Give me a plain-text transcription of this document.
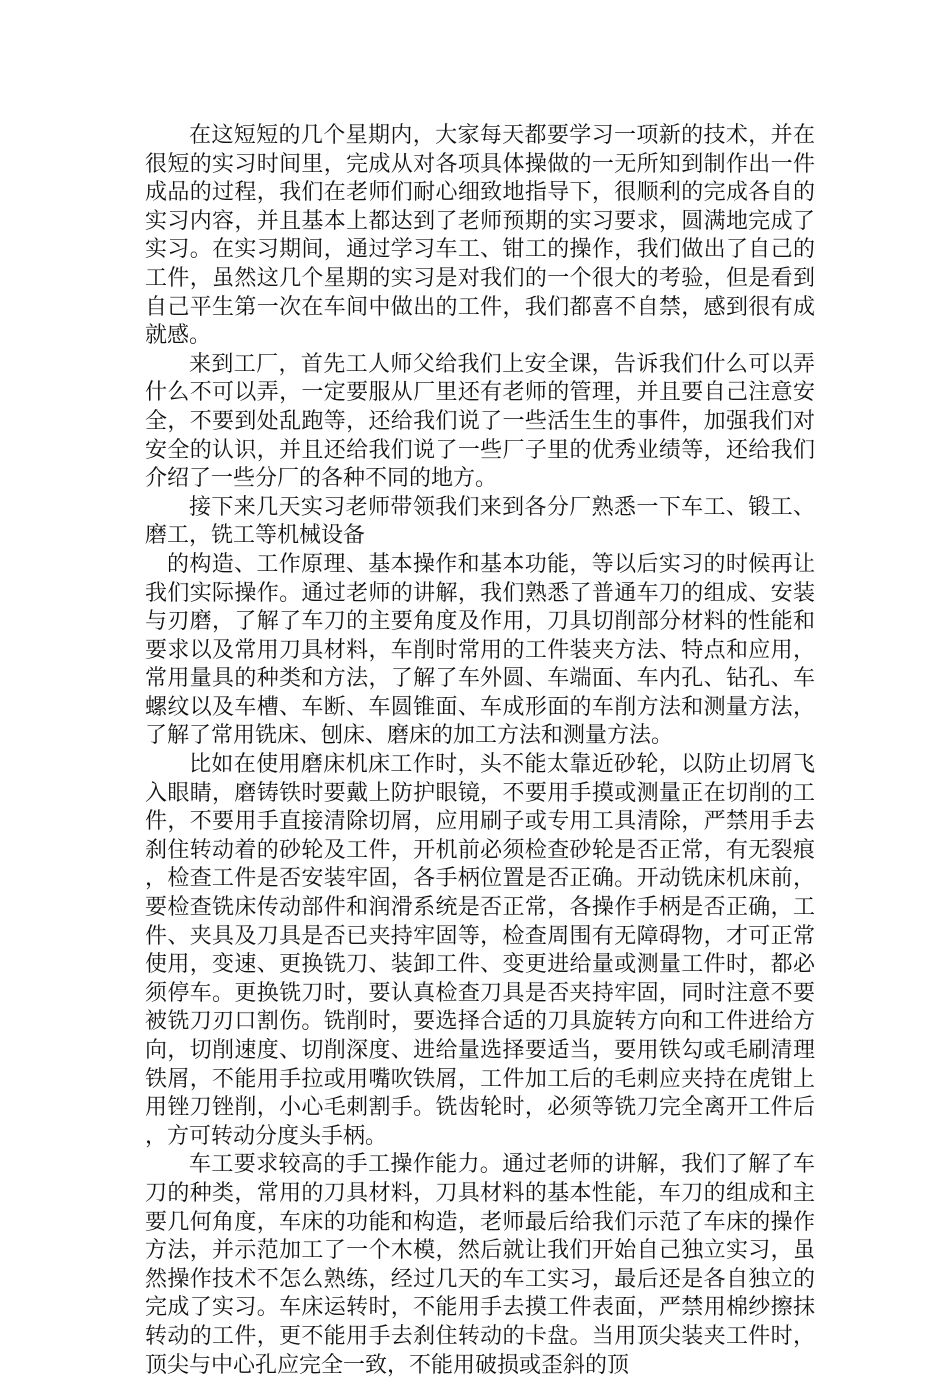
在这短短的几个星期内，大家每天都要学习一项新的技术，并在很短的实习时间里，完成从对各项具体操做的一无所知到制作出一件成品的过程，我们在老师们耐心细致地指导下，很顺利的完成各自的实习内容，并且基本上都达到了老师预期的实习要求，圆满地完成了实习。在实习期间，通过学习车工、钳工的操作，我们做出了自己的工件，虽然这几个星期的实习是对我们的一个很大的考验，但是看到自己平生第一次在车间中做出的工件，我们都喜不自禁，感到很有成就感。

来到工厂，首先工人师父给我们上安全课，告诉我们什么可以弄什么不可以弄，一定要服从厂里还有老师的管理，并且要自己注意安全，不要到处乱跑等，还给我们说了一些活生生的事件，加强我们对安全的认识，并且还给我们说了一些厂子里的优秀业绩等，还给我们介绍了一些分厂的各种不同的地方。

接下来几天实习老师带领我们来到各分厂熟悉一下车工、锻工、磨工，铣工等机械设备

的构造、工作原理、基本操作和基本功能，等以后实习的时候再让我们实际操作。通过老师的讲解，我们熟悉了普通车刀的组成、安装与刃磨，了解了车刀的主要角度及作用，刀具切削部分材料的性能和要求以及常用刀具材料，车削时常用的工件装夹方法、特点和应用，常用量具的种类和方法，了解了车外圆、车端面、车内孔、钻孔、车螺纹以及车槽、车断、车圆锥面、车成形面的车削方法和测量方法，了解了常用铣床、刨床、磨床的加工方法和测量方法。

比如在使用磨床机床工作时，头不能太靠近砂轮，以防止切屑飞入眼睛，磨铸铁时要戴上防护眼镜，不要用手摸或测量正在切削的工件，不要用手直接清除切屑，应用刷子或专用工具清除，严禁用手去刹住转动着的砂轮及工件，开机前必须检查砂轮是否正常，有无裂痕，检查工件是否安装牢固，各手柄位置是否正确。开动铣床机床前，要检查铣床传动部件和润滑系统是否正常，各操作手柄是否正确，工件、夹具及刀具是否已夹持牢固等，检查周围有无障碍物，才可正常使用，变速、更换铣刀、装卸工件、变更进给量或测量工件时，都必须停车。更换铣刀时，要认真检查刀具是否夹持牢固，同时注意不要被铣刀刃口割伤。铣削时，要选择合适的刀具旋转方向和工件进给方向，切削速度、切削深度、进给量选择要适当，要用铁勾或毛刷清理铁屑，不能用手拉或用嘴吹铁屑，工件加工后的毛刺应夹持在虎钳上用锉刀锉削，小心毛刺割手。铣齿轮时，必须等铣刀完全离开工件后，方可转动分度头手柄。

车工要求较高的手工操作能力。通过老师的讲解，我们了解了车刀的种类，常用的刀具材料，刀具材料的基本性能，车刀的组成和主要几何角度，车床的功能和构造，老师最后给我们示范了车床的操作方法，并示范加工了一个木模，然后就让我们开始自己独立实习，虽然操作技术不怎么熟练，经过几天的车工实习，最后还是各自独立的完成了实习。车床运转时，不能用手去摸工件表面，严禁用棉纱擦抹转动的工件，更不能用手去刹住转动的卡盘。当用顶尖装夹工件时，顶尖与中心孔应完全一致，不能用破损或歪斜的顶
